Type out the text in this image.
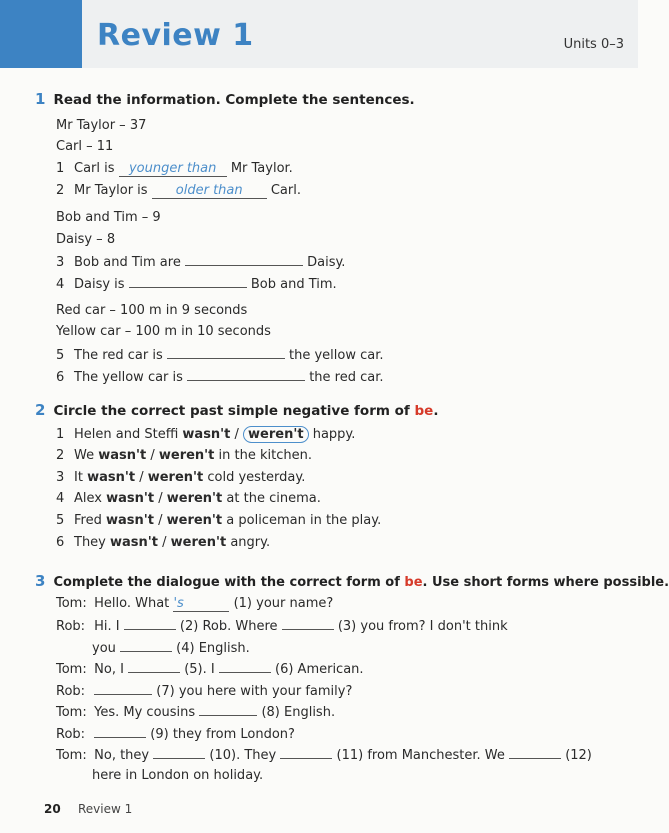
Review 1	Units 0–3
1 Read the information. Complete the sentences.
Mr Taylor – 37
Carl – 11
1 Carl is younger than Mr Taylor.
2 Mr Taylor is older than Carl.
Bob and Tim – 9
Daisy – 8
3 Bob and Tim are	Daisy.
4 Daisy is	Bob and Tim.
Red car – 100 m in 9 seconds
Yellow car – 100 m in 10 seconds
5 The red car is	the yellow car.
6 The yellow car is	the red car.
2 Circle the correct past simple negative form of be.
1 Helen and Steffi wasn't / weren't happy.
2 We wasn't / weren't in the kitchen.
3 It wasn't / weren't cold yesterday.
4 Alex wasn't / weren't at the cinema.
5 Fred wasn't / weren't a policeman in the play.
6 They wasn't / weren't angry.
3 Complete the dialogue with the correct form of be. Use short forms where possible.
Tom: Hello. What 's	(1) your name?
Rob: Hi. I	(2) Rob. Where	(3) you from? I don't think
you	(4) English.
Tom: No, I	(5). I	(6) American.
Rob:	(7) you here with your family?
Tom: Yes. My cousins	(8) English.
Rob:	(9) they from London?
Tom: No, they	(10). They	(11) from Manchester. We	(12)
here in London on holiday.
20 Review 1
